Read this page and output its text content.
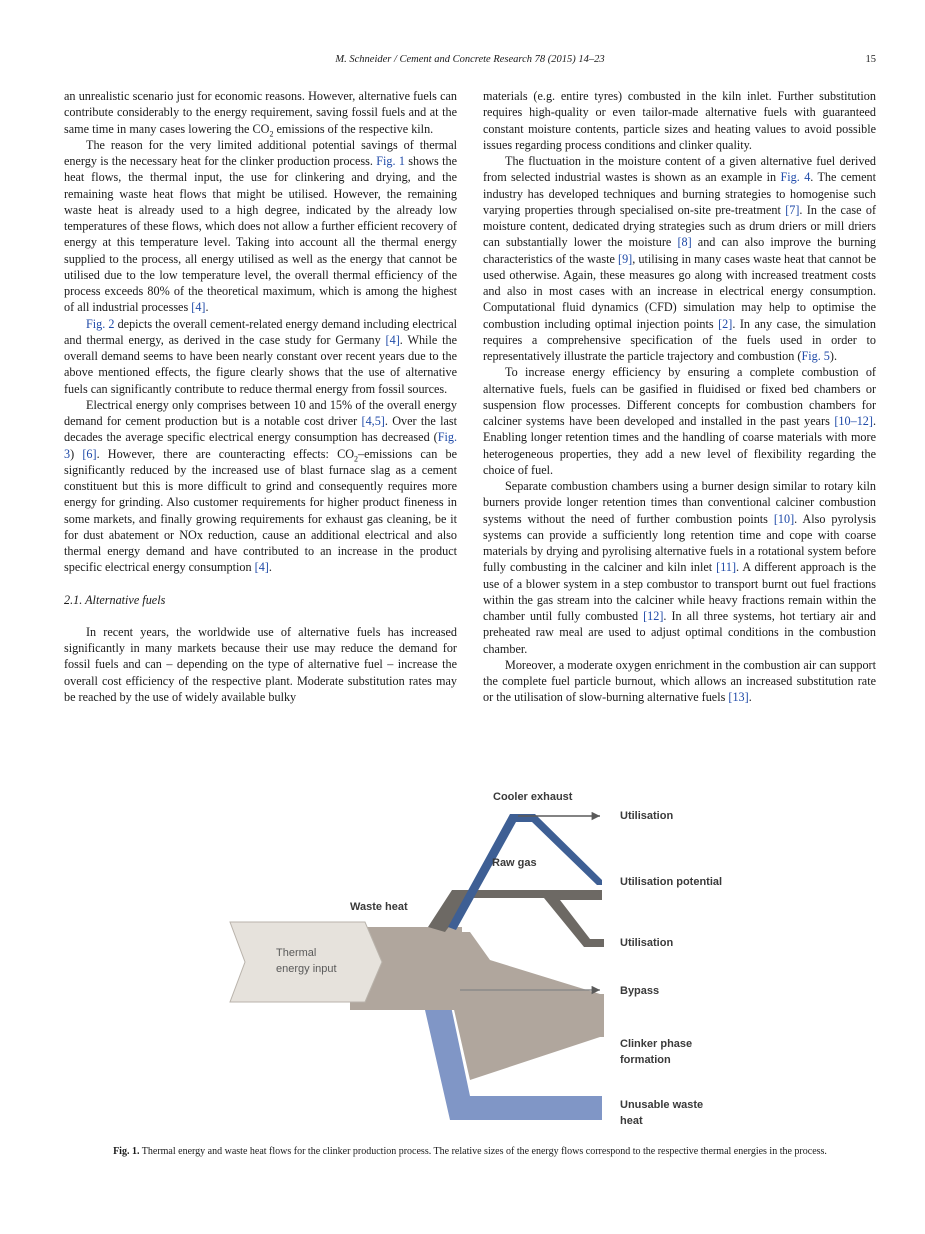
M. Schneider / Cement and Concrete Research 78 (2015) 14–23	15

an unrealistic scenario just for economic reasons. However, alternative fuels can contribute considerably to the energy requirement, saving fossil fuels and at the same time in many cases lowering the $CO_2$ emissions of the respective kiln.

The reason for the very limited additional potential savings of thermal energy is the necessary heat for the clinker production process. Fig. 1 shows the heat flows, the thermal input, the use for clinkering and drying, and the remaining waste heat flows that might be utilised. However, the remaining waste heat is already used to a high degree, indicated by the already low temperatures of these flows, which does not allow a further efficient recovery of energy at this temperature level. Taking into account all the thermal energy supplied to the process, all energy utilised as well as the energy that cannot be utilised due to the low temperature level, the overall thermal efficiency of the process exceeds 80% of the theoretical maximum, which is among the highest of all industrial processes [4].

Fig. 2 depicts the overall cement-related energy demand including electrical and thermal energy, as derived in the case study for Germany [4]. While the overall demand seems to have been nearly constant over recent years due to the above mentioned effects, the figure clearly shows that the use of alternative fuels can significantly contribute to reduce thermal energy from fossil sources.

Electrical energy only comprises between 10 and 15% of the overall energy demand for cement production but is a notable cost driver [4,5]. Over the last decades the average specific electrical energy consumption has decreased (Fig. 3) [6]. However, there are counteracting effects: $CO_2$–emissions can be significantly reduced by the increased use of blast furnace slag as a cement constituent but this is more difficult to grind and consequently requires more energy for grinding. Also customer requirements for higher product fineness in some markets, and finally growing requirements for exhaust gas cleaning, be it for dust abatement or NOx reduction, cause an additional electrical and also thermal energy demand and have contributed to an increase in the product specific electrical energy consumption [4].

2.1. Alternative fuels

In recent years, the worldwide use of alternative fuels has increased significantly in many markets because their use may reduce the demand for fossil fuels and can – depending on the type of alternative fuel – increase the overall cost efficiency of the respective plant. Moderate substitution rates may be reached by the use of widely available bulky

materials (e.g. entire tyres) combusted in the kiln inlet. Further substitution requires high-quality or even tailor-made alternative fuels with guaranteed constant moisture contents, particle sizes and heating values to avoid possible issues regarding process conditions and clinker quality.

The fluctuation in the moisture content of a given alternative fuel derived from selected industrial wastes is shown as an example in Fig. 4. The cement industry has developed techniques and burning strategies to homogenise such varying properties through specialised on-site pre-treatment [7]. In the case of moisture content, dedicated drying strategies such as drum driers or mill driers can substantially lower the moisture [8] and can also improve the burning characteristics of the waste [9], utilising in many cases waste heat that cannot be used otherwise. Again, these measures go along with increased treatment costs and also in most cases with an increase in electrical energy consumption. Computational fluid dynamics (CFD) simulation may help to optimise the combustion including optimal injection points [2]. In any case, the simulation requires a comprehensive specification of the fuels used in order to representatively illustrate the particle trajectory and combustion (Fig. 5).

To increase energy efficiency by ensuring a complete combustion of alternative fuels, fuels can be gasified in fluidised or fixed bed chambers or suspension flow processes. Different concepts for combustion chambers for calciner systems have been developed and installed in the past years [10–12]. Enabling longer retention times and the handling of coarse materials with more heterogeneous properties, they add a new level of flexibility regarding the choice of fuel.

Separate combustion chambers using a burner design similar to rotary kiln burners provide longer retention times than conventional calciner combustion systems without the need of further combustion points [10]. Also pyrolysis systems can provide a sufficiently long retention time and cope with coarse materials by drying and pyrolising alternative fuels in a rotational system before fully combusting in the calciner and kiln inlet [11]. A different approach is the use of a blower system in a step combustor to transport burnt out fuel fractions within the gas stream into the calciner while heavy fractions remain within the chamber until fully combusted [12]. In all three systems, hot tertiary air and preheated raw meal are used to adjust optimal conditions in the combustion chamber.

Moreover, a moderate oxygen enrichment in the combustion air can support the complete fuel particle burnout, which allows an increased substitution rate or the utilisation of slow-burning alternative fuels [13].

Thermal
energy input
Waste heat
Cooler exhaust
Raw gas
Utilisation
Utilisation potential
Utilisation
Bypass
Clinker phase
formation
Unusable waste
heat
Fig. 1. Thermal energy and waste heat flows for the clinker production process. The relative sizes of the energy flows correspond to the respective thermal energies in the process.
